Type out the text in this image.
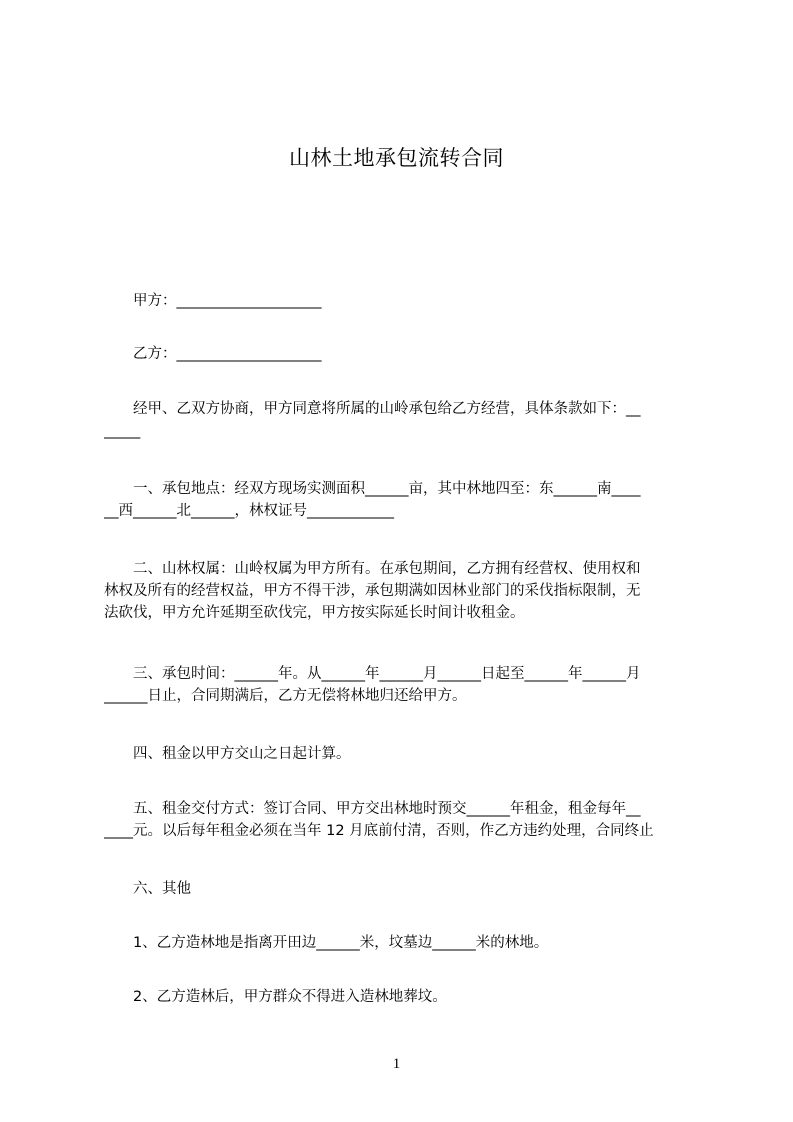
山林土地承包流转合同
　　甲方：____________________
　　乙方：____________________
　　经甲、乙双方协商，甲方同意将所属的山岭承包给乙方经营，具体条款如下：__
_____
　　一、承包地点：经双方现场实测面积______亩，其中林地四至：东______南____
__西______北______，林权证号____________
　　二、山林权属：山岭权属为甲方所有。在承包期间，乙方拥有经营权、使用权和
林权及所有的经营权益，甲方不得干涉，承包期满如因林业部门的采伐指标限制，无
法砍伐，甲方允许延期至砍伐完，甲方按实际延长时间计收租金。
　　三、承包时间：______年。从______年______月______日起至______年______月
______日止，合同期满后，乙方无偿将林地归还给甲方。
　　四、租金以甲方交山之日起计算。
　　五、租金交付方式：签订合同、甲方交出林地时预交______年租金，租金每年__
____元。以后每年租金必须在当年 12 月底前付清，否则，作乙方违约处理，合同终止
　　六、其他
　　1、乙方造林地是指离开田边______米，坟墓边______米的林地。
　　2、乙方造林后，甲方群众不得进入造林地葬坟。
1
